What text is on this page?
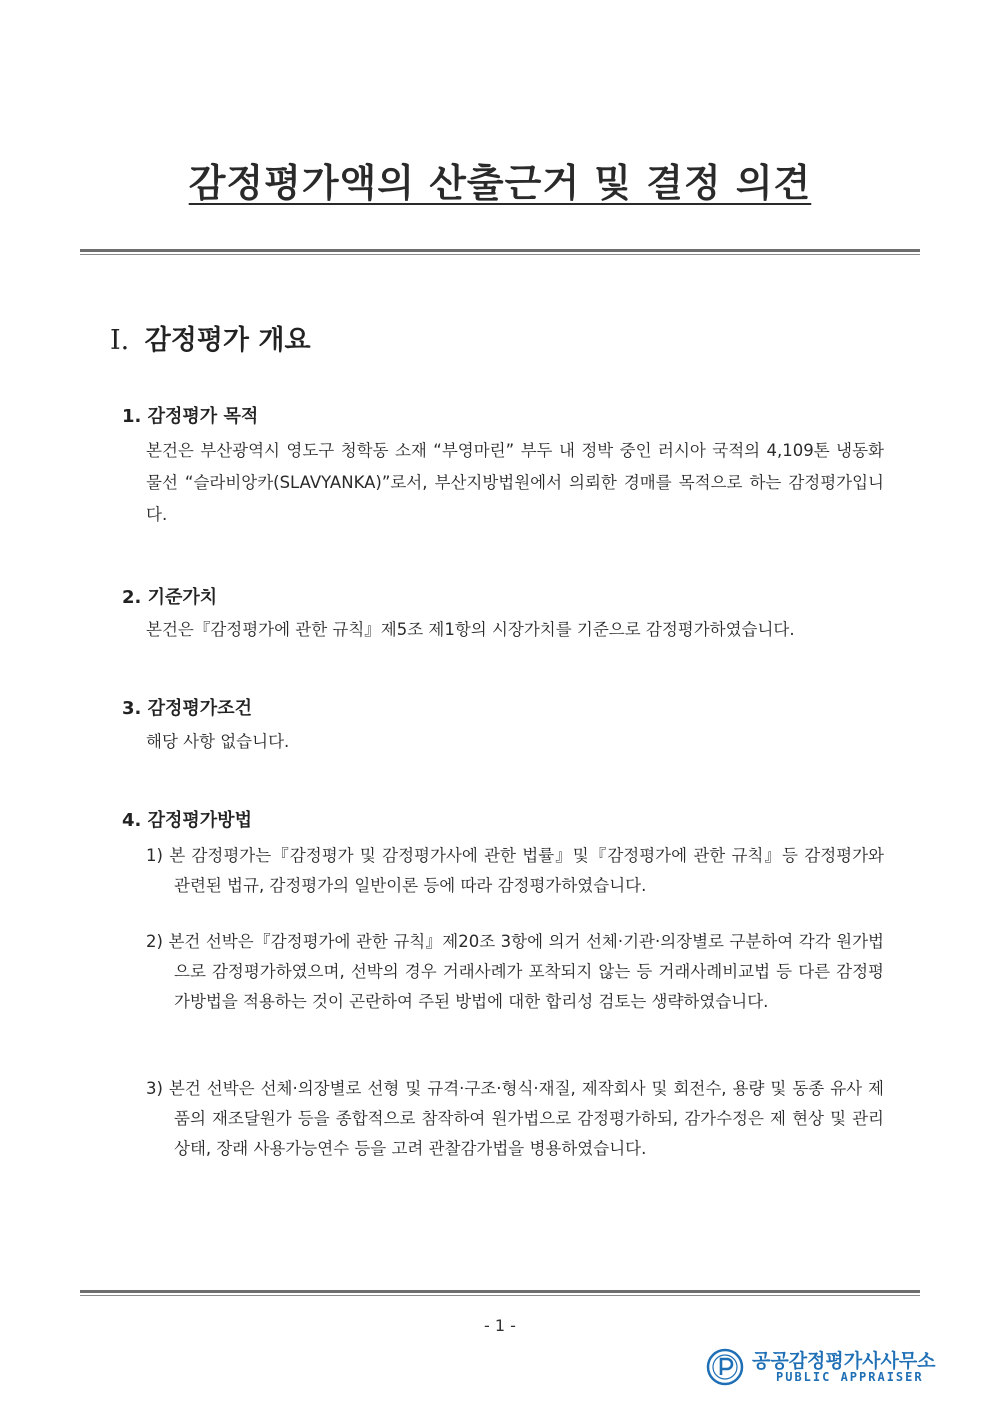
감정평가액의 산출근거 및 결정 의견
Ⅰ. 감정평가 개요
1. 감정평가 목적
본건은 부산광역시 영도구 청학동 소재 “부영마린” 부두 내 정박 중인 러시아 국적의 4,109톤 냉동화물선 “슬라비앙카(SLAVYANKA)”로서, 부산지방법원에서 의뢰한 경매를 목적으로 하는 감정평가입니다.
2. 기준가치
본건은『감정평가에 관한 규칙』제5조 제1항의 시장가치를 기준으로 감정평가하였습니다.
3. 감정평가조건
해당 사항 없습니다.
4. 감정평가방법
1) 본 감정평가는『감정평가 및 감정평가사에 관한 법률』및『감정평가에 관한 규칙』등 감정평가와 관련된 법규, 감정평가의 일반이론 등에 따라 감정평가하였습니다.
2) 본건 선박은『감정평가에 관한 규칙』제20조 3항에 의거 선체·기관·의장별로 구분하여 각각 원가법으로 감정평가하였으며, 선박의 경우 거래사례가 포착되지 않는 등 거래사례비교법 등 다른 감정평가방법을 적용하는 것이 곤란하여 주된 방법에 대한 합리성 검토는 생략하였습니다.
3) 본건 선박은 선체·의장별로 선형 및 규격·구조·형식·재질, 제작회사 및 회전수, 용량 및 동종 유사 제품의 재조달원가 등을 종합적으로 참작하여 원가법으로 감정평가하되, 감가수정은 제 현상 및 관리상태, 장래 사용가능연수 등을 고려 관찰감가법을 병용하였습니다.
- 1 -
공공감정평가사사무소
PUBLIC APPRAISER
